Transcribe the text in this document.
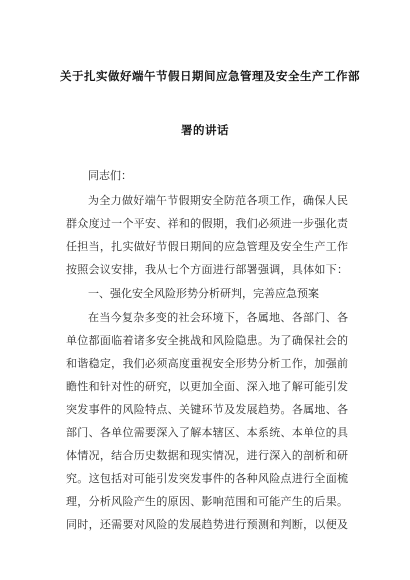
关于扎实做好端午节假日期间应急管理及安全生产工作部
署的讲话
同志们：
为全力做好端午节假期安全防范各项工作，确保人民
群众度过一个平安、祥和的假期，我们必须进一步强化责
任担当，扎实做好节假日期间的应急管理及安全生产工作
按照会议安排，我从七个方面进行部署强调，具体如下：
一、强化安全风险形势分析研判，完善应急预案
在当今复杂多变的社会环境下，各属地、各部门、各
单位都面临着诸多安全挑战和风险隐患。为了确保社会的
和谐稳定，我们必须高度重视安全形势分析工作，加强前
瞻性和针对性的研究，以更加全面、深入地了解可能引发
突发事件的风险特点、关键环节及发展趋势。各属地、各
部门、各单位需要深入了解本辖区、本系统、本单位的具
体情况，结合历史数据和现实情况，进行深入的剖析和研
究。这包括对可能引发突发事件的各种风险点进行全面梳
理，分析风险产生的原因、影响范围和可能产生的后果。
同时，还需要对风险的发展趋势进行预测和判断，以便及
